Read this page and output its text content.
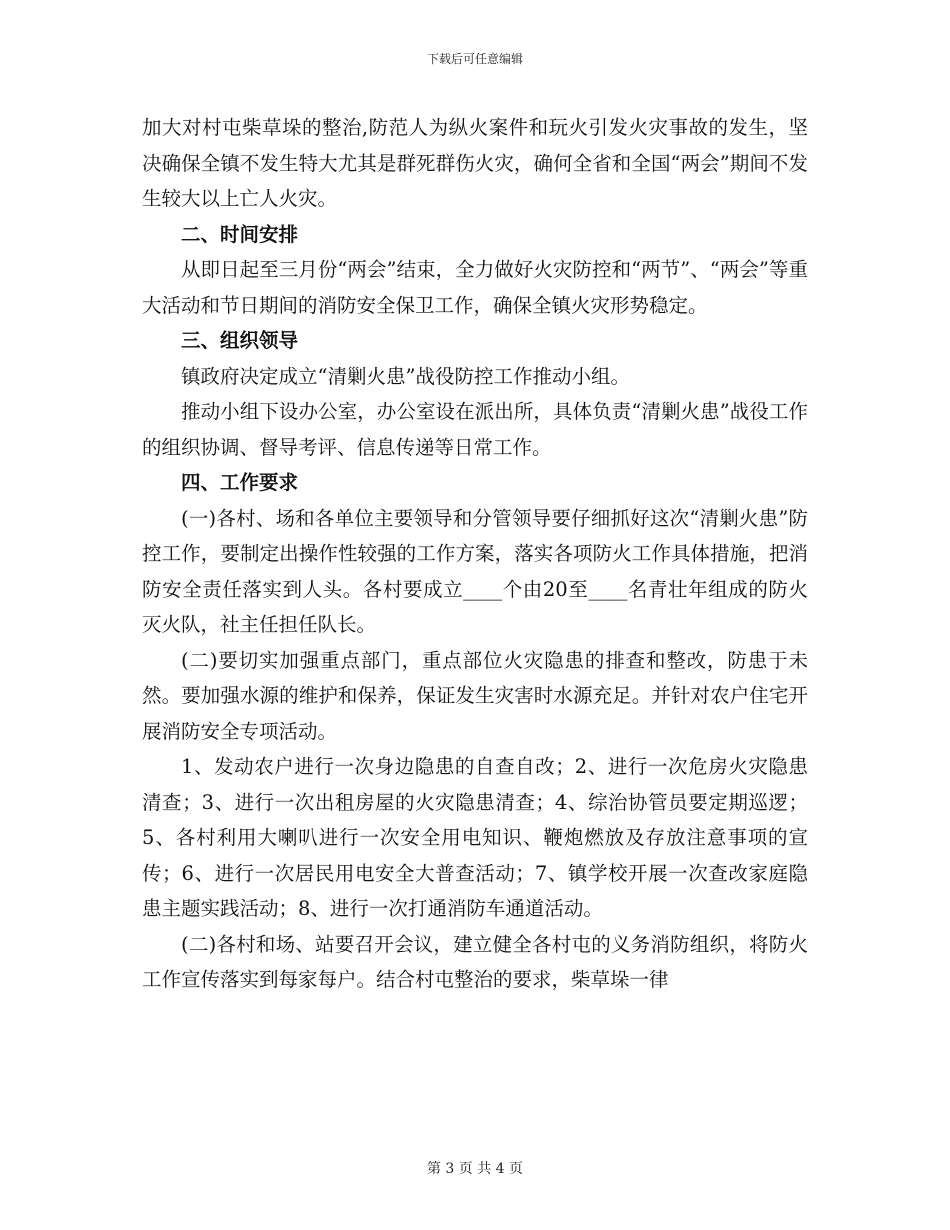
下载后可任意编辑

加大对村屯柴草垛的整治,防范人为纵火案件和玩火引发火灾事故的发生，坚决确保全镇不发生特大尤其是群死群伤火灾，确何全省和全国“两会”期间不发生较大以上亡人火灾。

二、时间安排

从即日起至三月份“两会”结束，全力做好火灾防控和“两节”、“两会”等重大活动和节日期间的消防安全保卫工作，确保全镇火灾形势稳定。

三、组织领导

镇政府决定成立“清剿火患”战役防控工作推动小组。

推动小组下设办公室，办公室设在派出所，具体负责“清剿火患”战役工作的组织协调、督导考评、信息传递等日常工作。

四、工作要求

(一)各村、场和各单位主要领导和分管领导要仔细抓好这次“清剿火患”防控工作，要制定出操作性较强的工作方案，落实各项防火工作具体措施，把消防安全责任落实到人头。各村要成立____个由20至____名青壮年组成的防火灭火队，社主任担任队长。

(二)要切实加强重点部门，重点部位火灾隐患的排查和整改，防患于未然。要加强水源的维护和保养，保证发生灾害时水源充足。并针对农户住宅开展消防安全专项活动。

1、发动农户进行一次身边隐患的自查自改；2、进行一次危房火灾隐患清查；3、进行一次出租房屋的火灾隐患清查；4、综治协管员要定期巡逻；5、各村利用大喇叭进行一次安全用电知识、鞭炮燃放及存放注意事项的宣传；6、进行一次居民用电安全大普查活动；7、镇学校开展一次查改家庭隐患主题实践活动；8、进行一次打通消防车通道活动。

(二)各村和场、站要召开会议，建立健全各村屯的义务消防组织，将防火工作宣传落实到每家每户。结合村屯整治的要求，柴草垛一律

第 3 页 共 4 页
